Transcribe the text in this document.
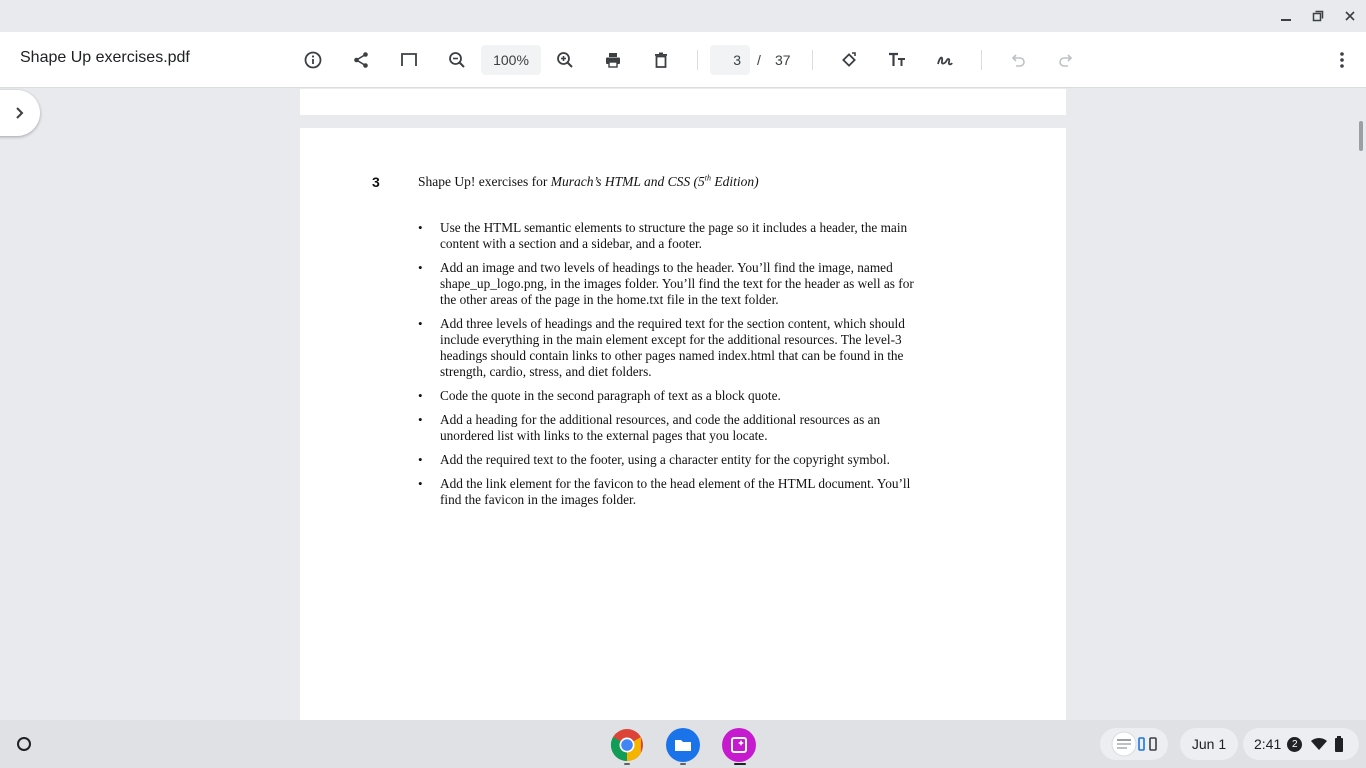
Shape Up exercises.pdf	100%	3	/ 37
3	Shape Up! exercises for Murach’s HTML and CSS (5th Edition)
• Use the HTML semantic elements to structure the page so it includes a header, the main content with a section and a sidebar, and a footer.
• Add an image and two levels of headings to the header. You’ll find the image, named shape_up_logo.png, in the images folder. You’ll find the text for the header as well as for the other areas of the page in the home.txt file in the text folder.
• Add three levels of headings and the required text for the section content, which should include everything in the main element except for the additional resources. The level-3 headings should contain links to other pages named index.html that can be found in the strength, cardio, stress, and diet folders.
• Code the quote in the second paragraph of text as a block quote.
• Add a heading for the additional resources, and code the additional resources as an unordered list with links to the external pages that you locate.
• Add the required text to the footer, using a character entity for the copyright symbol.
• Add the link element for the favicon to the head element of the HTML document. You’ll find the favicon in the images folder.
Jun 1 2:41	2
